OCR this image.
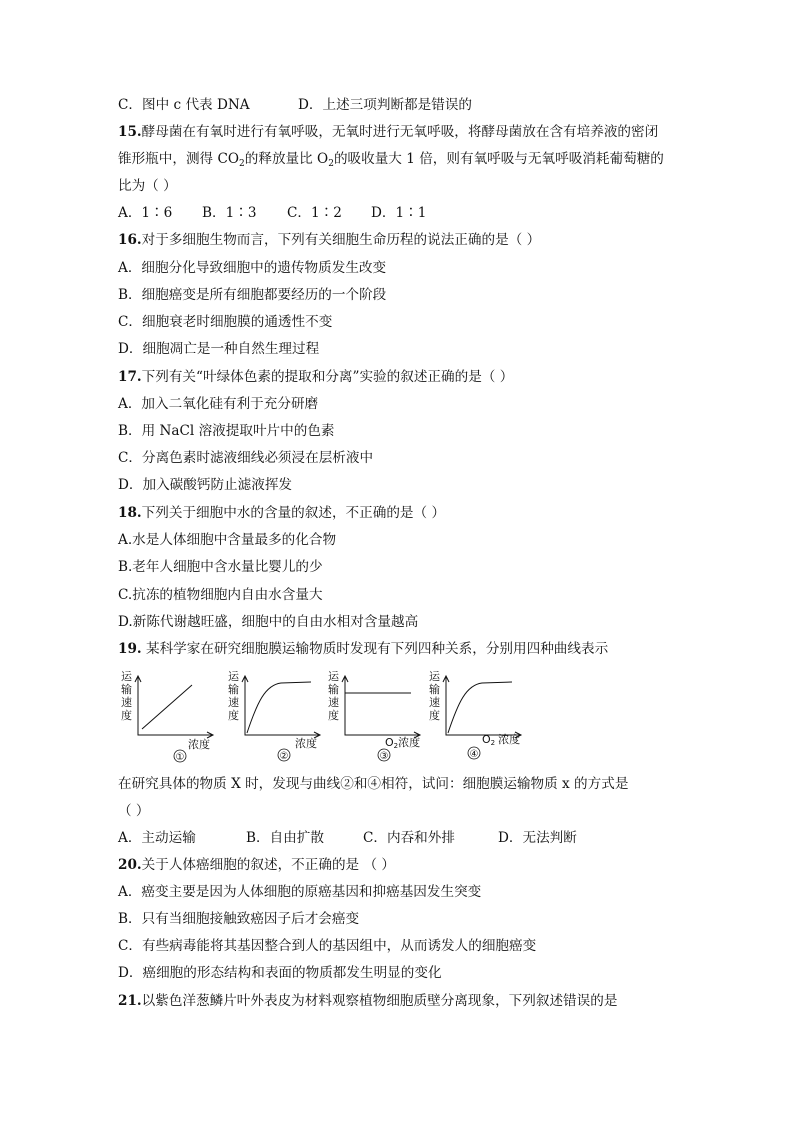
C．图中 c 代表 DNA	D．上述三项判断都是错误的
15.酵母菌在有氧时进行有氧呼吸，无氧时进行无氧呼吸，将酵母菌放在含有培养液的密闭
锥形瓶中，测得 $CO_2$的释放量比 $O_2$的吸收量大 1 倍，则有氧呼吸与无氧呼吸消耗葡萄糖的
比为（ ）
A．1∶6 B．1∶3 C．1∶2 D．1∶1
16.对于多细胞生物而言，下列有关细胞生命历程的说法正确的是（ ）
A．细胞分化导致细胞中的遗传物质发生改变
B．细胞癌变是所有细胞都要经历的一个阶段
C．细胞衰老时细胞膜的通透性不变
D．细胞凋亡是一种自然生理过程
17.下列有关“叶绿体色素的提取和分离”实验的叙述正确的是（ ）
A．加入二氧化硅有利于充分研磨
B．用 NaCl 溶液提取叶片中的色素
C．分离色素时滤液细线必须浸在层析液中
D．加入碳酸钙防止滤液挥发
18.下列关于细胞中水的含量的叙述，不正确的是（ ）
A.水是人体细胞中含量最多的化合物
B.老年人细胞中含水量比婴儿的少
C.抗冻的植物细胞内自由水含量大
D.新陈代谢越旺盛，细胞中的自由水相对含量越高
19. 某科学家在研究细胞膜运输物质时发现有下列四种关系，分别用四种曲线表示
运 输 速 度
浓度
①
运 输 速 度
浓度
②
运 输 速 度
③
O2浓度
运 输 速 度
④
O2 浓度
在研究具体的物质 X 时，发现与曲线②和④相符，试问：细胞膜运输物质 x 的方式是
（ ）
A．主动运输	B．自由扩散	C．内吞和外排	D．无法判断
20.关于人体癌细胞的叙述，不正确的是 （ ）
A．癌变主要是因为人体细胞的原癌基因和抑癌基因发生突变
B．只有当细胞接触致癌因子后才会癌变
C．有些病毒能将其基因整合到人的基因组中，从而诱发人的细胞癌变
D．癌细胞的形态结构和表面的物质都发生明显的变化
21.以紫色洋葱鳞片叶外表皮为材料观察植物细胞质壁分离现象，下列叙述错误的是
